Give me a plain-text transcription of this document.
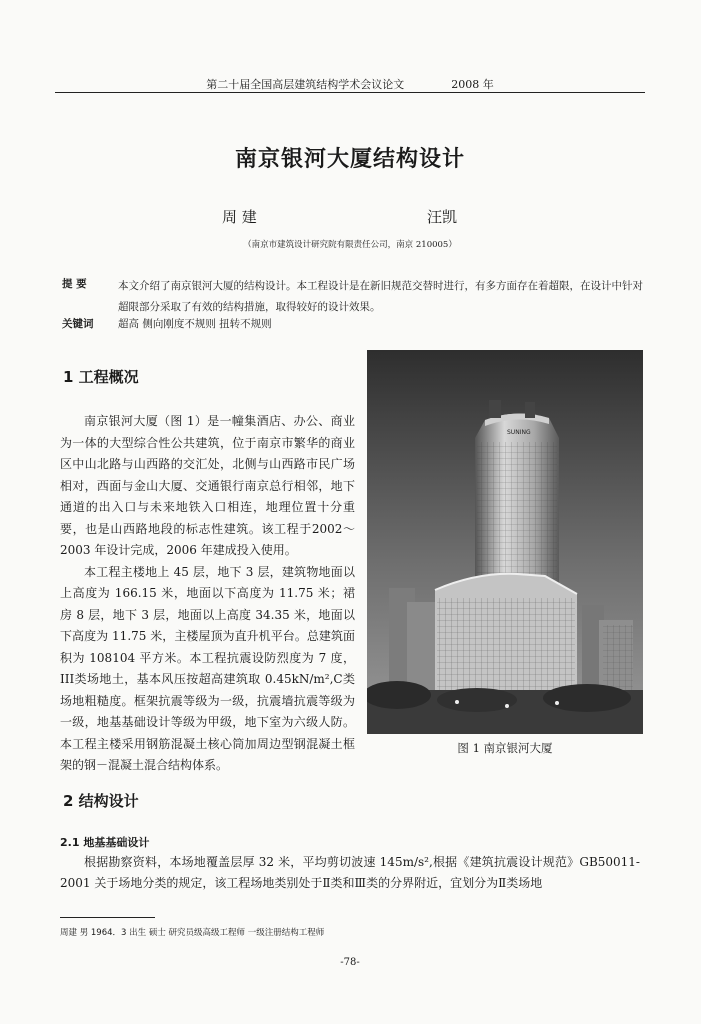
第二十届全国高层建筑结构学术会议论文	2008 年
南京银河大厦结构设计
周 建	汪凯
（南京市建筑设计研究院有限责任公司，南京 210005）
提 要	本文介绍了南京银河大厦的结构设计。本工程设计是在新旧规范交替时进行，有多方面存在着超限，在设计中针对超限部分采取了有效的结构措施，取得较好的设计效果。
关键词 超高 侧向刚度不规则 扭转不规则
1 工程概况

南京银河大厦（图 1）是一幢集酒店、办公、商业为一体的大型综合性公共建筑，位于南京市繁华的商业区中山北路与山西路的交汇处，北侧与山西路市民广场相对，西面与金山大厦、交通银行南京总行相邻，地下通道的出入口与未来地铁入口相连，地理位置十分重要，也是山西路地段的标志性建筑。该工程于2002～2003 年设计完成，2006 年建成投入使用。

本工程主楼地上 45 层，地下 3 层，建筑物地面以上高度为 166.15 米，地面以下高度为 11.75 米；裙房 8 层，地下 3 层，地面以上高度 34.35 米，地面以下高度为 11.75 米，主楼屋顶为直升机平台。总建筑面积为 108104 平方米。本工程抗震设防烈度为 7 度，III类场地土，基本风压按超高建筑取 0.45kN/m²,C类场地粗糙度。框架抗震等级为一级，抗震墙抗震等级为一级，地基基础设计等级为甲级，地下室为六级人防。本工程主楼采用钢筋混凝土核心筒加周边型钢混凝土框架的钢－混凝土混合结构体系。

SUNING
图 1 南京银河大厦
2 结构设计
2.1 地基基础设计

根据勘察资料，本场地覆盖层厚 32 米，平均剪切波速 145m/s²,根据《建筑抗震设计规范》GB50011-2001 关于场地分类的规定，该工程场地类别处于Ⅱ类和Ⅲ类的分界附近，宜划分为Ⅱ类场地

周建 男 1964．3 出生 硕士 研究员级高级工程师 一级注册结构工程师
-78-
